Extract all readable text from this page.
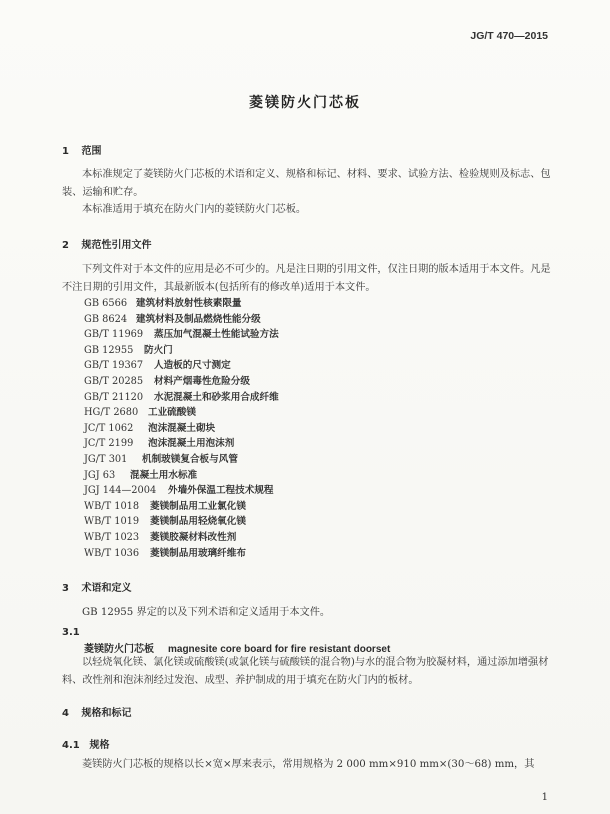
JG/T 470—2015
菱镁防火门芯板
1 范围
本标准规定了菱镁防火门芯板的术语和定义、规格和标记、材料、要求、试验方法、检验规则及标志、包装、运输和贮存。
本标准适用于填充在防火门内的菱镁防火门芯板。
2 规范性引用文件
下列文件对于本文件的应用是必不可少的。凡是注日期的引用文件，仅注日期的版本适用于本文件。凡是不注日期的引用文件，其最新版本(包括所有的修改单)适用于本文件。
GB 6566 建筑材料放射性核素限量
GB 8624 建筑材料及制品燃烧性能分级
GB/T 11969 蒸压加气混凝土性能试验方法
GB 12955 防火门
GB/T 19367 人造板的尺寸测定
GB/T 20285 材料产烟毒性危险分级
GB/T 21120 水泥混凝土和砂浆用合成纤维
HG/T 2680 工业硫酸镁
JC/T 1062 泡沫混凝土砌块
JC/T 2199 泡沫混凝土用泡沫剂
JG/T 301 机制玻镁复合板与风管
JGJ 63 混凝土用水标准
JGJ 144—2004 外墙外保温工程技术规程
WB/T 1018 菱镁制品用工业氯化镁
WB/T 1019 菱镁制品用轻烧氧化镁
WB/T 1023 菱镁胶凝材料改性剂
WB/T 1036 菱镁制品用玻璃纤维布
3 术语和定义
GB 12955 界定的以及下列术语和定义适用于本文件。
3.1
菱镁防火门芯板 magnesite core board for fire resistant doorset
以轻烧氧化镁、氯化镁或硫酸镁(或氯化镁与硫酸镁的混合物)与水的混合物为胶凝材料，通过添加增强材料、改性剂和泡沫剂经过发泡、成型、养护制成的用于填充在防火门内的板材。
4 规格和标记
4.1 规格
菱镁防火门芯板的规格以长×宽×厚来表示，常用规格为 2 000 mm×910 mm×(30～68) mm，其
1
